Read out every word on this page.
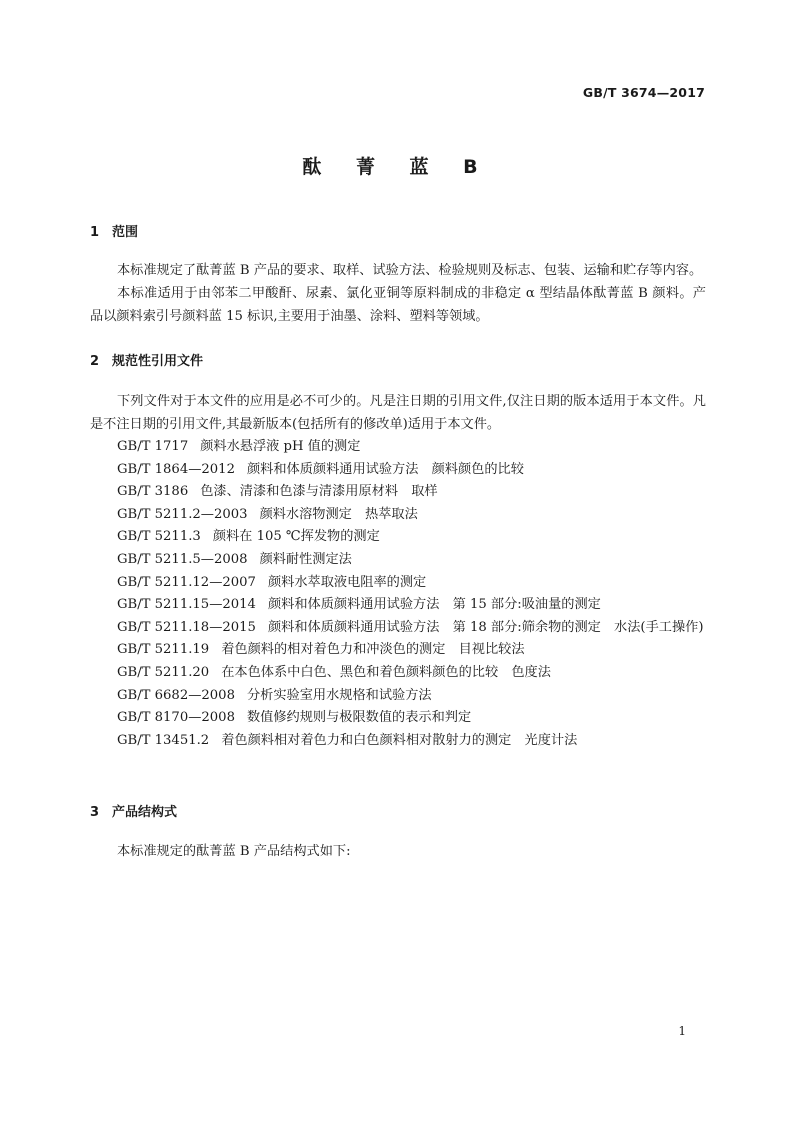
GB/T 3674—2017
酞 菁 蓝 B
1 范围
本标准规定了酞菁蓝 B 产品的要求、取样、试验方法、检验规则及标志、包装、运输和贮存等内容。
本标准适用于由邻苯二甲酸酐、尿素、氯化亚铜等原料制成的非稳定 α 型结晶体酞菁蓝 B 颜料。产品以颜料索引号颜料蓝 15 标识,主要用于油墨、涂料、塑料等领域。
2 规范性引用文件
下列文件对于本文件的应用是必不可少的。凡是注日期的引用文件,仅注日期的版本适用于本文件。凡是不注日期的引用文件,其最新版本(包括所有的修改单)适用于本文件。
GB/T 1717 颜料水悬浮液 pH 值的测定
GB/T 1864—2012 颜料和体质颜料通用试验方法　颜料颜色的比较
GB/T 3186 色漆、清漆和色漆与清漆用原材料　取样
GB/T 5211.2—2003 颜料水溶物测定　热萃取法
GB/T 5211.3 颜料在 105 ℃挥发物的测定
GB/T 5211.5—2008 颜料耐性测定法
GB/T 5211.12—2007 颜料水萃取液电阻率的测定
GB/T 5211.15—2014 颜料和体质颜料通用试验方法　第 15 部分:吸油量的测定
GB/T 5211.18—2015 颜料和体质颜料通用试验方法　第 18 部分:筛余物的测定　水法(手工操作)
GB/T 5211.19 着色颜料的相对着色力和冲淡色的测定　目视比较法
GB/T 5211.20 在本色体系中白色、黑色和着色颜料颜色的比较　色度法
GB/T 6682—2008 分析实验室用水规格和试验方法
GB/T 8170—2008 数值修约规则与极限数值的表示和判定
GB/T 13451.2 着色颜料相对着色力和白色颜料相对散射力的测定　光度计法
3 产品结构式
本标准规定的酞菁蓝 B 产品结构式如下:
1
